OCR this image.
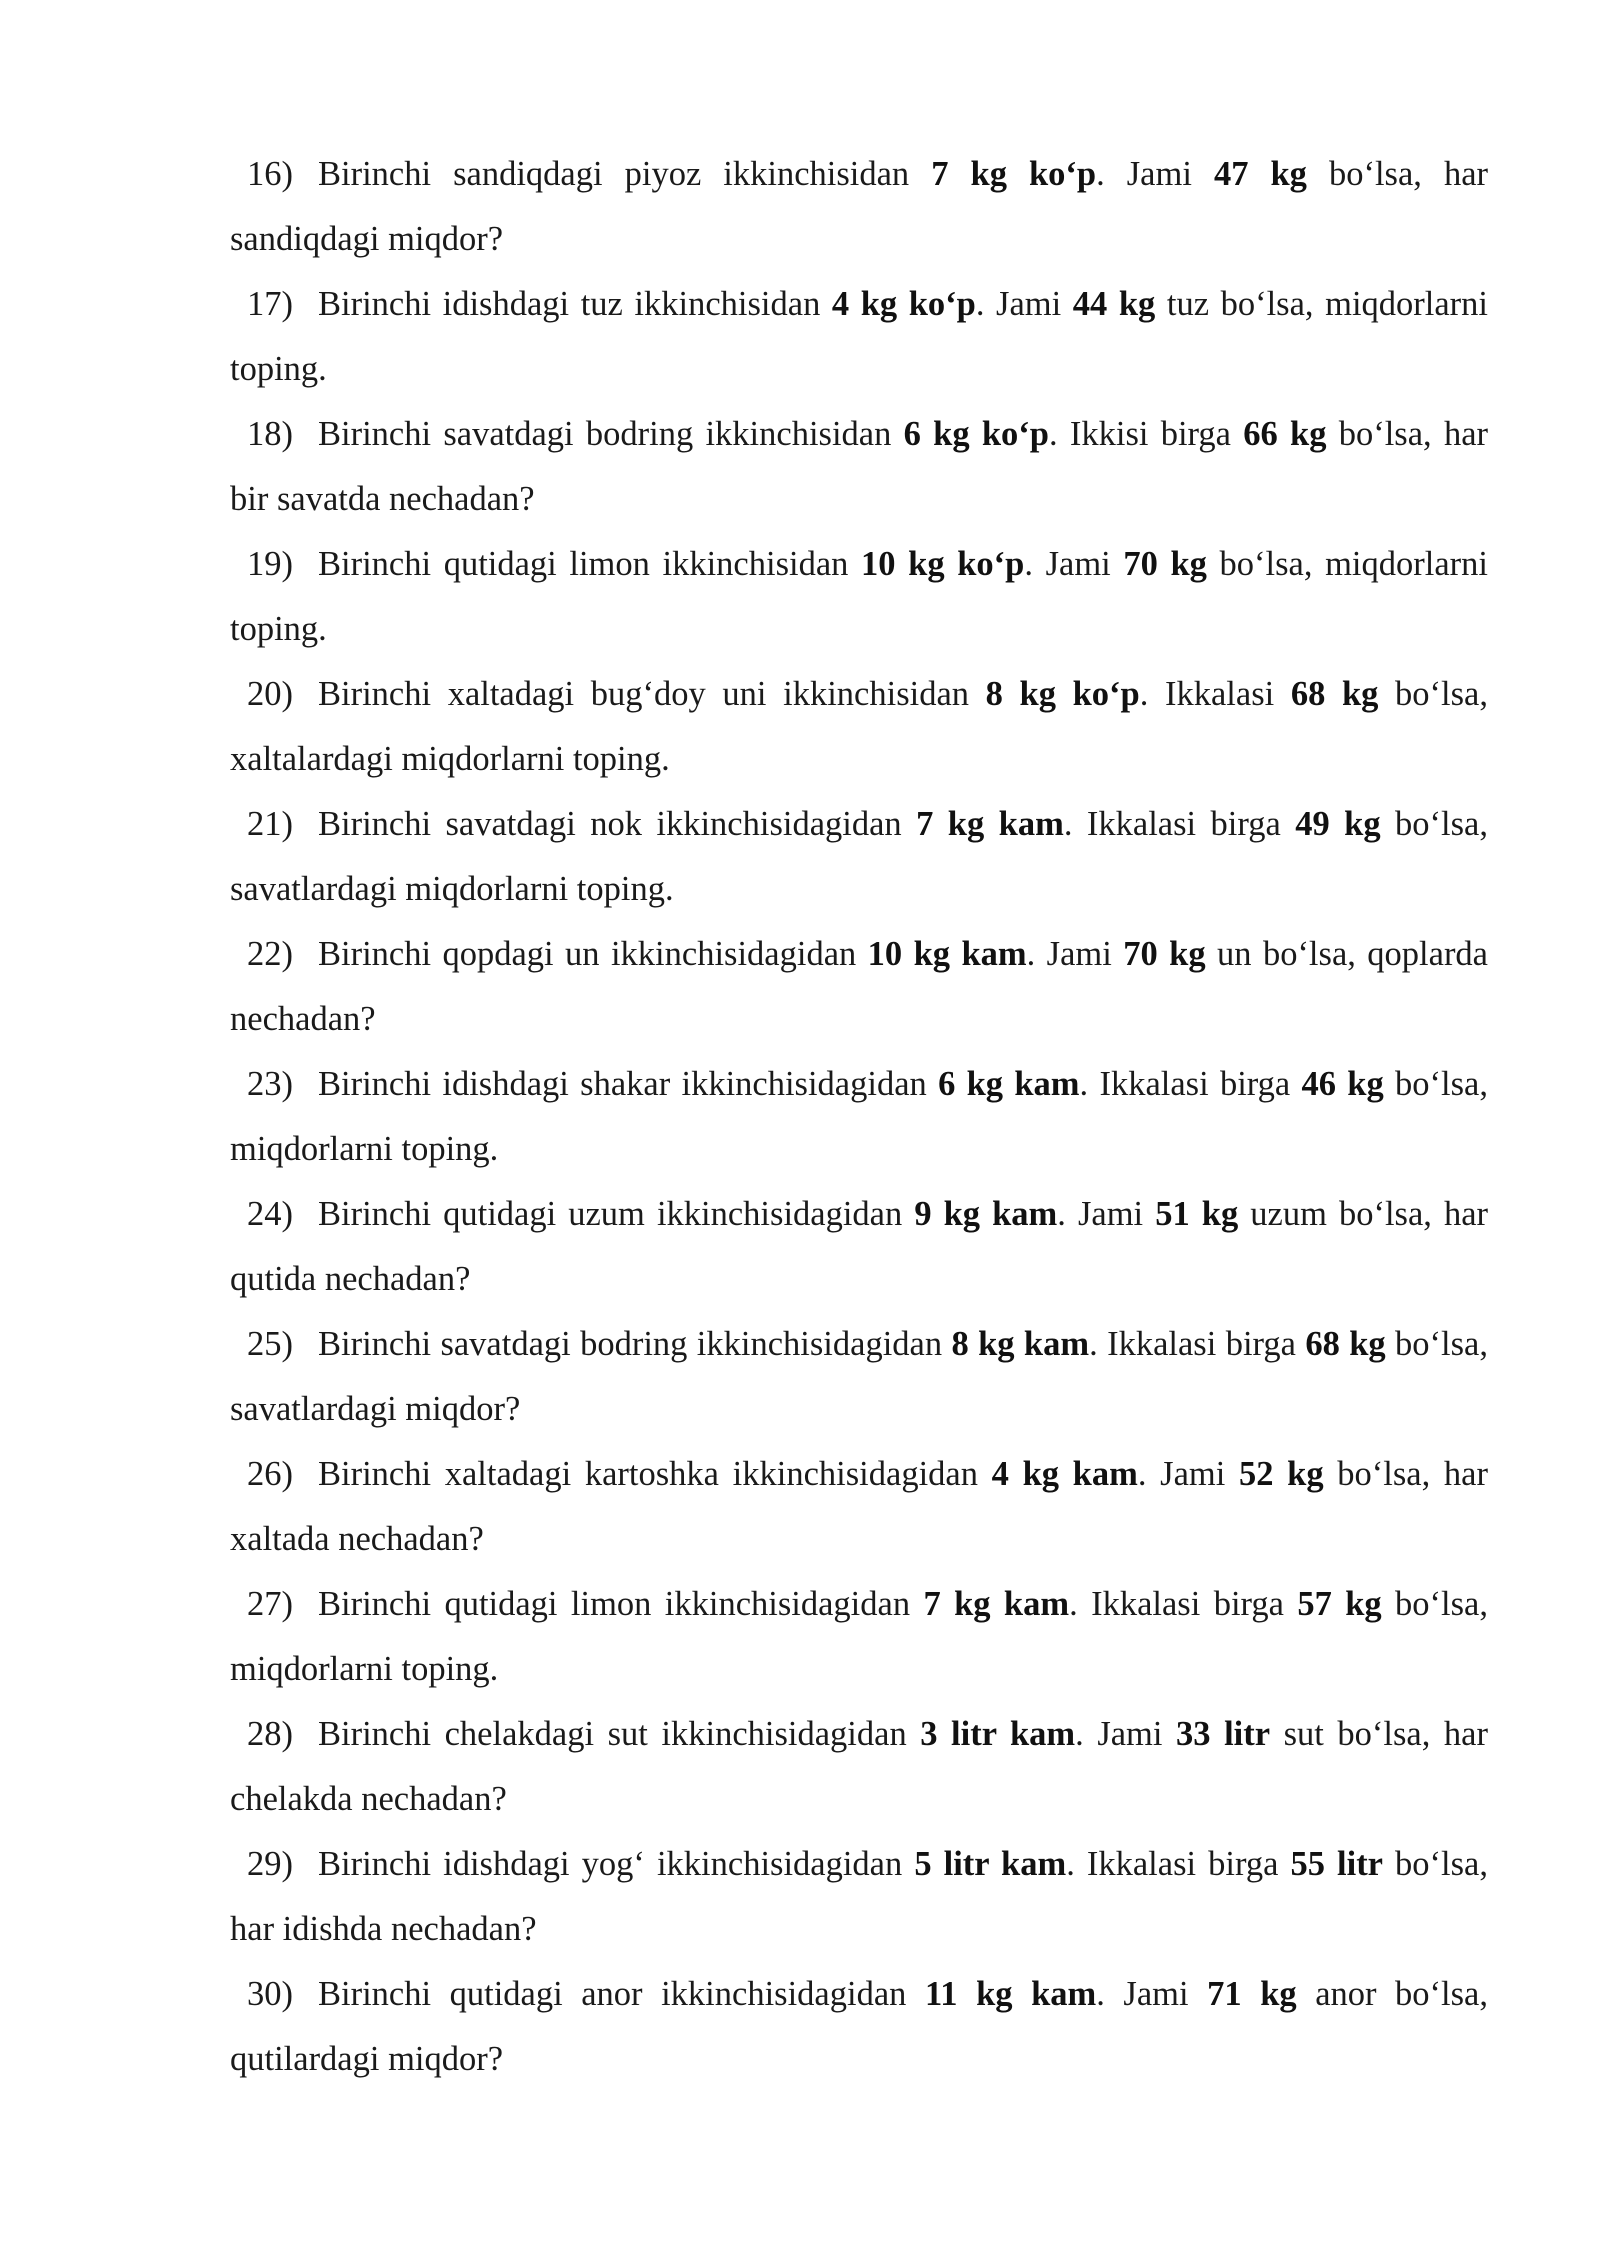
16) Birinchi sandiqdagi piyoz ikkinchisidan 7 kg ko‘p. Jami 47 kg bo‘lsa, har sandiqdagi miqdor?
17) Birinchi idishdagi tuz ikkinchisidan 4 kg ko‘p. Jami 44 kg tuz bo‘lsa, miqdorlarni toping.
18) Birinchi savatdagi bodring ikkinchisidan 6 kg ko‘p. Ikkisi birga 66 kg bo‘lsa, har bir savatda nechadan?
19) Birinchi qutidagi limon ikkinchisidan 10 kg ko‘p. Jami 70 kg bo‘lsa, miqdorlarni toping.
20) Birinchi xaltadagi bug‘doy uni ikkinchisidan 8 kg ko‘p. Ikkalasi 68 kg bo‘lsa, xaltalardagi miqdorlarni toping.
21) Birinchi savatdagi nok ikkinchisidagidan 7 kg kam. Ikkalasi birga 49 kg bo‘lsa, savatlardagi miqdorlarni toping.
22) Birinchi qopdagi un ikkinchisidagidan 10 kg kam. Jami 70 kg un bo‘lsa, qoplarda nechadan?
23) Birinchi idishdagi shakar ikkinchisidagidan 6 kg kam. Ikkalasi birga 46 kg bo‘lsa, miqdorlarni toping.
24) Birinchi qutidagi uzum ikkinchisidagidan 9 kg kam. Jami 51 kg uzum bo‘lsa, har qutida nechadan?
25) Birinchi savatdagi bodring ikkinchisidagidan 8 kg kam. Ikkalasi birga 68 kg bo‘lsa, savatlardagi miqdor?
26) Birinchi xaltadagi kartoshka ikkinchisidagidan 4 kg kam. Jami 52 kg bo‘lsa, har xaltada nechadan?
27) Birinchi qutidagi limon ikkinchisidagidan 7 kg kam. Ikkalasi birga 57 kg bo‘lsa, miqdorlarni toping.
28) Birinchi chelakdagi sut ikkinchisidagidan 3 litr kam. Jami 33 litr sut bo‘lsa, har chelakda nechadan?
29) Birinchi idishdagi yog‘ ikkinchisidagidan 5 litr kam. Ikkalasi birga 55 litr bo‘lsa, har idishda nechadan?
30) Birinchi qutidagi anor ikkinchisidagidan 11 kg kam. Jami 71 kg anor bo‘lsa, qutilardagi miqdor?
